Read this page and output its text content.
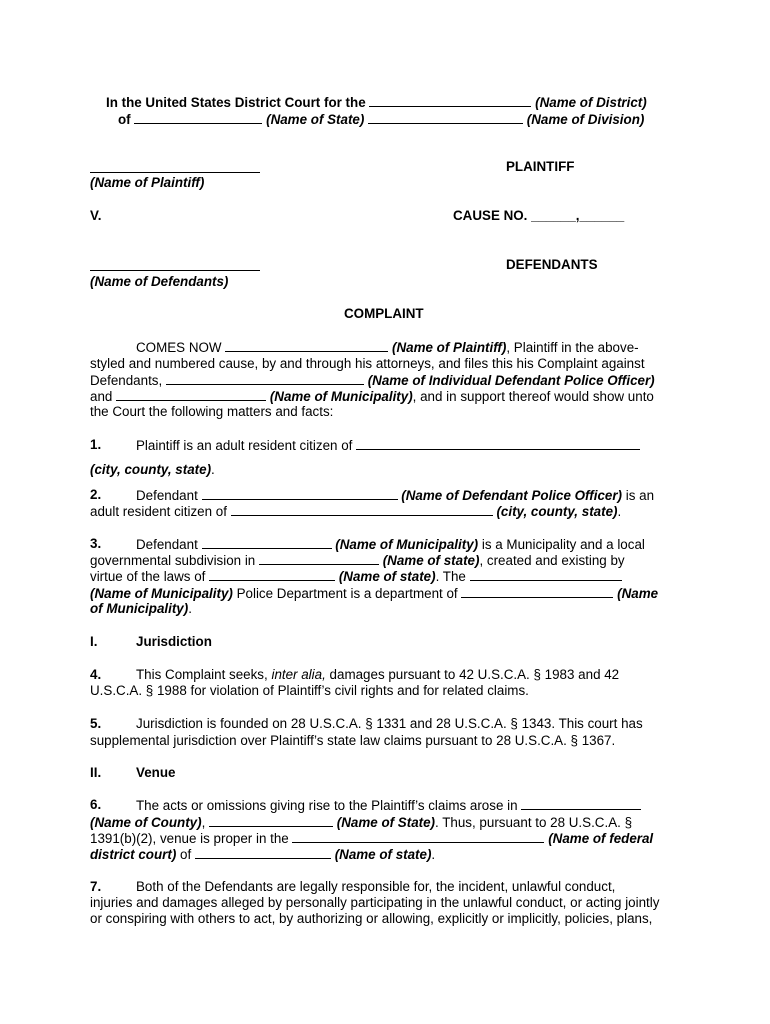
In the United States District Court for the	(Name of District)
of	(Name of State)	(Name of Division)
PLAINTIFF
(Name of Plaintiff)
V.	CAUSE NO. ______,______
DEFENDANTS
(Name of Defendants)
COMPLAINT
COMES NOW	(Name of Plaintiff), Plaintiff in the above-
styled and numbered cause, by and through his attorneys, and files this his Complaint against
Defendants,	(Name of Individual Defendant Police Officer)
and	(Name of Municipality), and in support thereof would show unto
the Court the following matters and facts:
1.	Plaintiff is an adult resident citizen of
(city, county, state).
2.	Defendant	(Name of Defendant Police Officer) is an
adult resident citizen of	(city, county, state).
3.	Defendant	(Name of Municipality) is a Municipality and a local
governmental subdivision in	(Name of state), created and existing by
virtue of the laws of	(Name of state). The
(Name of Municipality) Police Department is a department of	(Name
of Municipality).
I.	Jurisdiction
4.	This Complaint seeks, inter alia, damages pursuant to 42 U.S.C.A. § 1983 and 42
U.S.C.A. § 1988 for violation of Plaintiff’s civil rights and for related claims.
5.	Jurisdiction is founded on 28 U.S.C.A. § 1331 and 28 U.S.C.A. § 1343. This court has
supplemental jurisdiction over Plaintiff’s state law claims pursuant to 28 U.S.C.A. § 1367.
II.	Venue
6.	The acts or omissions giving rise to the Plaintiff’s claims arose in
(Name of County),	(Name of State). Thus, pursuant to 28 U.S.C.A. §
1391(b)(2), venue is proper in the	(Name of federal
district court) of	(Name of state).
7.	Both of the Defendants are legally responsible for, the incident, unlawful conduct,
injuries and damages alleged by personally participating in the unlawful conduct, or acting jointly
or conspiring with others to act, by authorizing or allowing, explicitly or implicitly, policies, plans,
